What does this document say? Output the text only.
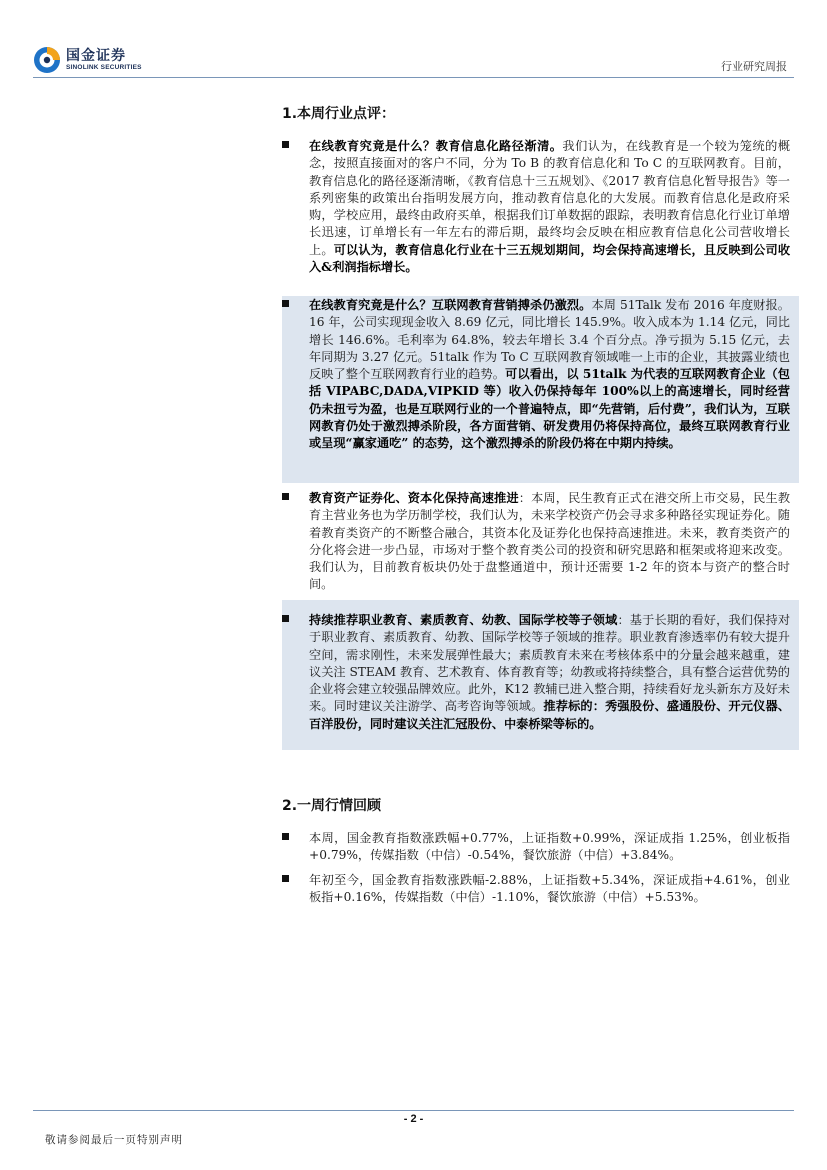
国金证券
SINOLINK SECURITIES	行业研究周报
1.本周行业点评：
在线教育究竟是什么？教育信息化路径渐清。我们认为，在线教育是一个较为笼统的概念，按照直接面对的客户不同，分为 To B 的教育信息化和 To C 的互联网教育。目前，教育信息化的路径逐渐清晰，《教育信息十三五规划》、《2017 教育信息化暂导报告》等一系列密集的政策出台指明发展方向，推动教育信息化的大发展。而教育信息化是政府采购，学校应用，最终由政府买单，根据我们订单数据的跟踪，表明教育信息化行业订单增长迅速，订单增长有一年左右的滞后期，最终均会反映在相应教育信息化公司营收增长上。可以认为，教育信息化行业在十三五规划期间，均会保持高速增长，且反映到公司收入&利润指标增长。
在线教育究竟是什么？互联网教育营销搏杀仍激烈。本周 51Talk 发布 2016 年度财报。16 年，公司实现现金收入 8.69 亿元，同比增长 145.9%。收入成本为 1.14 亿元，同比增长 146.6%。毛利率为 64.8%，较去年增长 3.4 个百分点。净亏损为 5.15 亿元，去年同期为 3.27 亿元。51talk 作为 To C 互联网教育领域唯一上市的企业，其披露业绩也反映了整个互联网教育行业的趋势。可以看出，以 51talk 为代表的互联网教育企业（包括 VIPABC,DADA,VIPKID 等）收入仍保持每年 100%以上的高速增长，同时经营仍未扭亏为盈，也是互联网行业的一个普遍特点，即“先营销，后付费”，我们认为，互联网教育仍处于激烈搏杀阶段，各方面营销、研发费用仍将保持高位，最终互联网教育行业或呈现“赢家通吃” 的态势，这个激烈搏杀的阶段仍将在中期内持续。
教育资产证券化、资本化保持高速推进：本周，民生教育正式在港交所上市交易，民生教育主营业务也为学历制学校，我们认为，未来学校资产仍会寻求多种路径实现证券化。随着教育类资产的不断整合融合，其资本化及证券化也保持高速推进。未来，教育类资产的分化将会进一步凸显，市场对于整个教育类公司的投资和研究思路和框架或将迎来改变。我们认为，目前教育板块仍处于盘整通道中，预计还需要 1-2 年的资本与资产的整合时间。
持续推荐职业教育、素质教育、幼教、国际学校等子领域：基于长期的看好，我们保持对于职业教育、素质教育、幼教、国际学校等子领域的推荐。职业教育渗透率仍有较大提升空间，需求刚性，未来发展弹性最大；素质教育未来在考核体系中的分量会越来越重，建议关注 STEAM 教育、艺术教育、体育教育等；幼教或将持续整合，具有整合运营优势的企业将会建立较强品牌效应。此外，K12 教辅已进入整合期，持续看好龙头新东方及好未来。同时建议关注游学、高考咨询等领域。推荐标的：秀强股份、盛通股份、开元仪器、百洋股份，同时建议关注汇冠股份、中泰桥梁等标的。
2.一周行情回顾
本周，国金教育指数涨跌幅+0.77%，上证指数+0.99%，深证成指 1.25%，创业板指+0.79%，传媒指数（中信）-0.54%，餐饮旅游（中信）+3.84%。
年初至今，国金教育指数涨跌幅-2.88%，上证指数+5.34%，深证成指+4.61%，创业板指+0.16%，传媒指数（中信）-1.10%，餐饮旅游（中信）+5.53%。
- 2 -
敬请参阅最后一页特别声明
